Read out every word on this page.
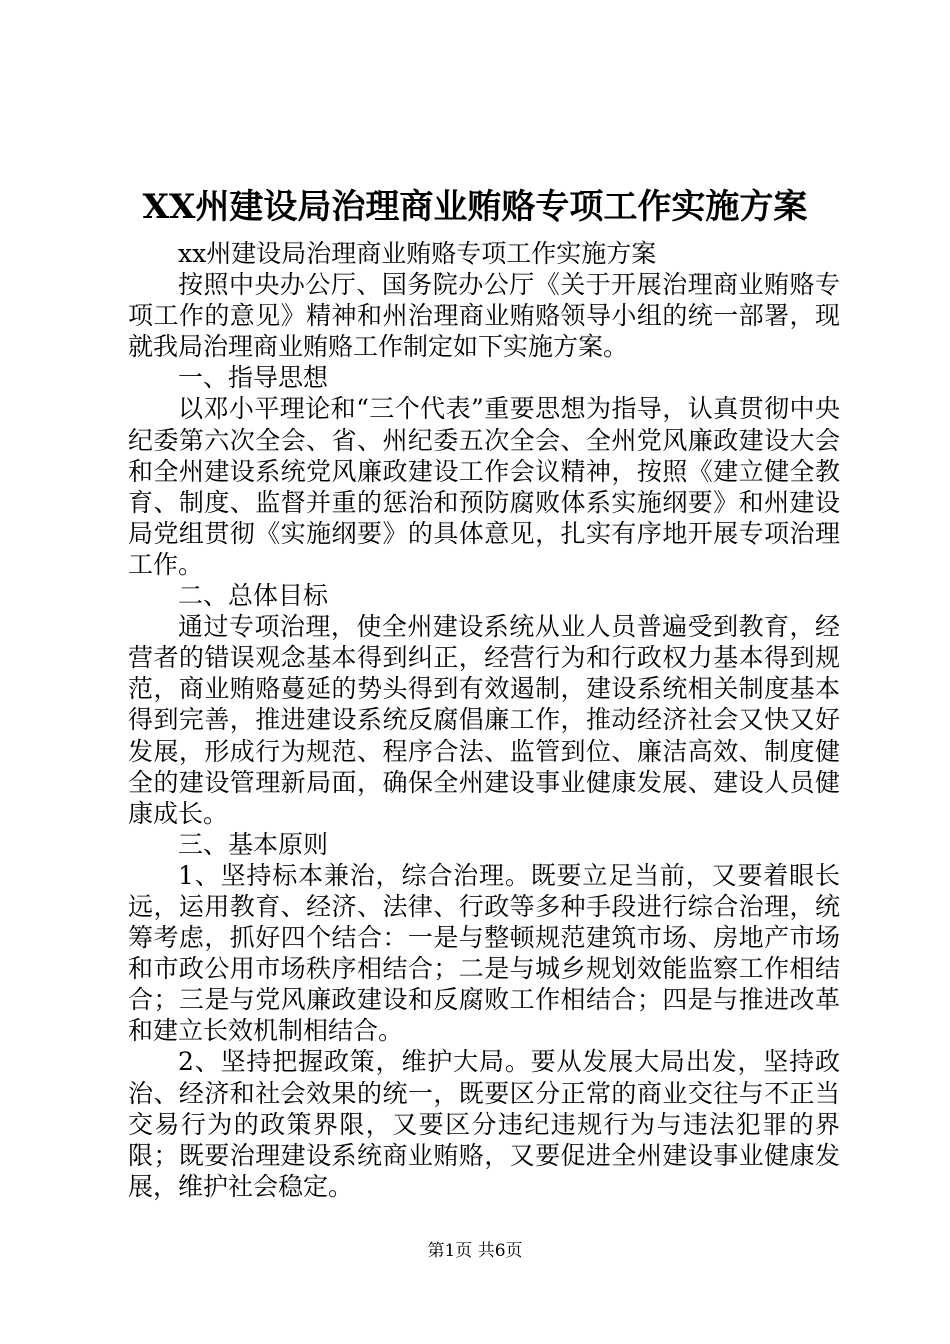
XX州建设局治理商业贿赂专项工作实施方案

xx州建设局治理商业贿赂专项工作实施方案

按照中央办公厅、国务院办公厅《关于开展治理商业贿赂专项工作的意见》精神和州治理商业贿赂领导小组的统一部署，现就我局治理商业贿赂工作制定如下实施方案。

一、指导思想

以邓小平理论和“三个代表”重要思想为指导，认真贯彻中央纪委第六次全会、省、州纪委五次全会、全州党风廉政建设大会和全州建设系统党风廉政建设工作会议精神，按照《建立健全教育、制度、监督并重的惩治和预防腐败体系实施纲要》和州建设局党组贯彻《实施纲要》的具体意见，扎实有序地开展专项治理工作。

二、总体目标

通过专项治理，使全州建设系统从业人员普遍受到教育，经营者的错误观念基本得到纠正，经营行为和行政权力基本得到规范，商业贿赂蔓延的势头得到有效遏制，建设系统相关制度基本得到完善，推进建设系统反腐倡廉工作，推动经济社会又快又好发展，形成行为规范、程序合法、监管到位、廉洁高效、制度健全的建设管理新局面，确保全州建设事业健康发展、建设人员健康成长。

三、基本原则

1、坚持标本兼治，综合治理。既要立足当前，又要着眼长远，运用教育、经济、法律、行政等多种手段进行综合治理，统筹考虑，抓好四个结合：一是与整顿规范建筑市场、房地产市场和市政公用市场秩序相结合；二是与城乡规划效能监察工作相结合；三是与党风廉政建设和反腐败工作相结合；四是与推进改革和建立长效机制相结合。

2、坚持把握政策，维护大局。要从发展大局出发，坚持政治、经济和社会效果的统一，既要区分正常的商业交往与不正当交易行为的政策界限，又要区分违纪违规行为与违法犯罪的界限；既要治理建设系统商业贿赂，又要促进全州建设事业健康发展，维护社会稳定。

第1页 共6页
